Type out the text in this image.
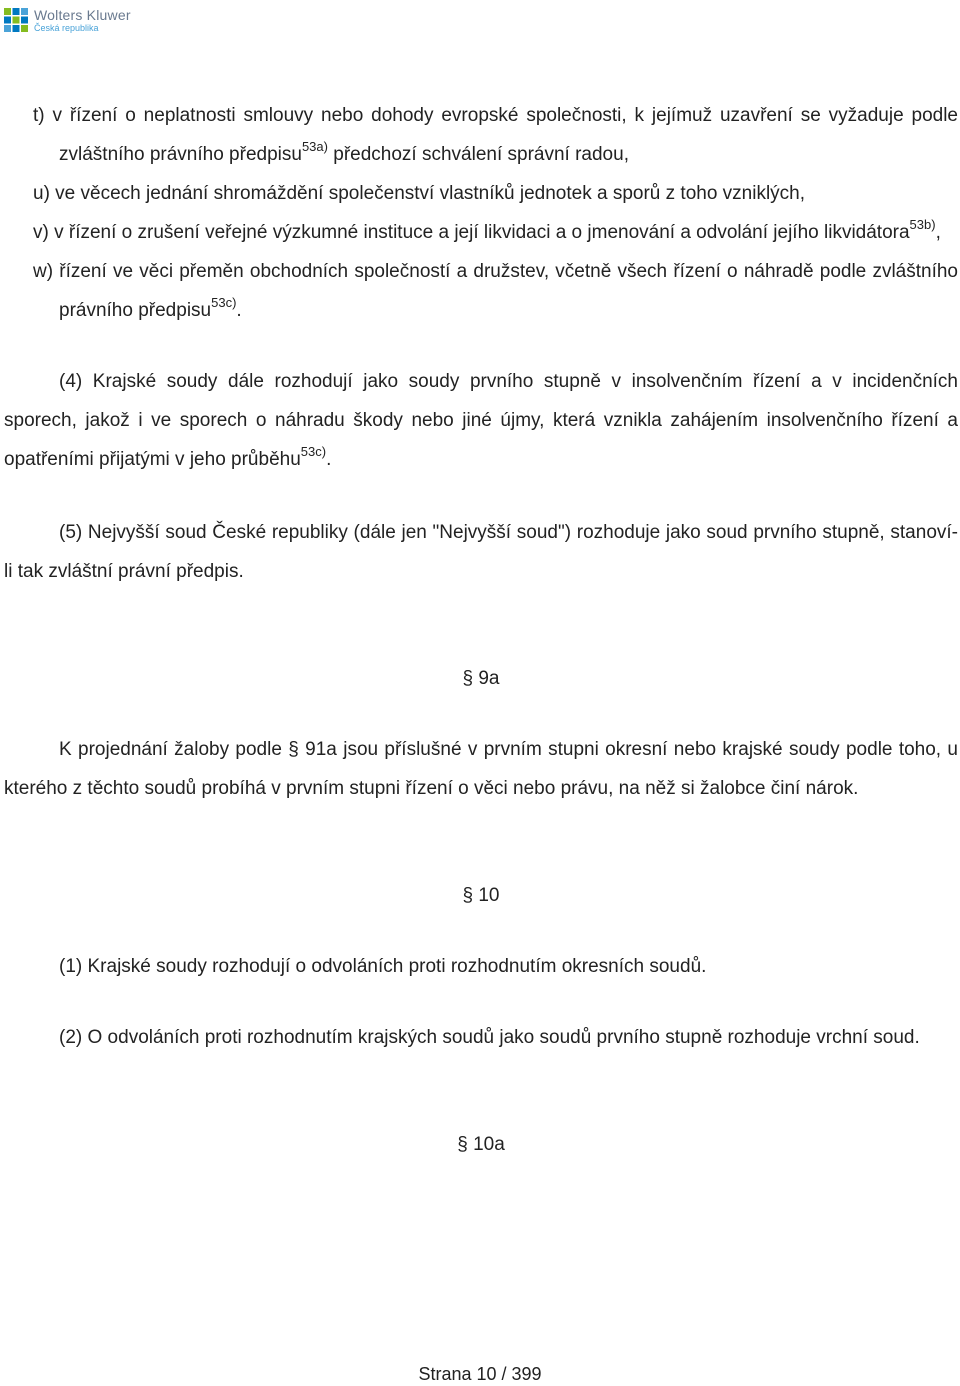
Wolters Kluwer
Česká republika

t) v řízení o neplatnosti smlouvy nebo dohody evropské společnosti, k jejímuž uzavření se vyžaduje podle zvláštního právního předpisu$^{53a)}$ předchozí schválení správní radou,

u) ve věcech jednání shromáždění společenství vlastníků jednotek a sporů z toho vzniklých,

v) v řízení o zrušení veřejné výzkumné instituce a její likvidaci a o jmenování a odvolání jejího likvidátora$^{53b)}$,

w) řízení ve věci přeměn obchodních společností a družstev, včetně všech řízení o náhradě podle zvláštního právního předpisu$^{53c)}$.

(4) Krajské soudy dále rozhodují jako soudy prvního stupně v insolvenčním řízení a v incidenčních sporech, jakož i ve sporech o náhradu škody nebo jiné újmy, která vznikla zahájením insolvenčního řízení a opatřeními přijatými v jeho průběhu$^{53c)}$.

(5) Nejvyšší soud České republiky (dále jen "Nejvyšší soud") rozhoduje jako soud prvního stupně, stanoví-li tak zvláštní právní předpis.

§ 9a

K projednání žaloby podle § 91a jsou příslušné v prvním stupni okresní nebo krajské soudy podle toho, u kterého z těchto soudů probíhá v prvním stupni řízení o věci nebo právu, na něž si žalobce činí nárok.

§ 10

(1) Krajské soudy rozhodují o odvoláních proti rozhodnutím okresních soudů.

(2) O odvoláních proti rozhodnutím krajských soudů jako soudů prvního stupně rozhoduje vrchní soud.

§ 10a

Strana 10 / 399
